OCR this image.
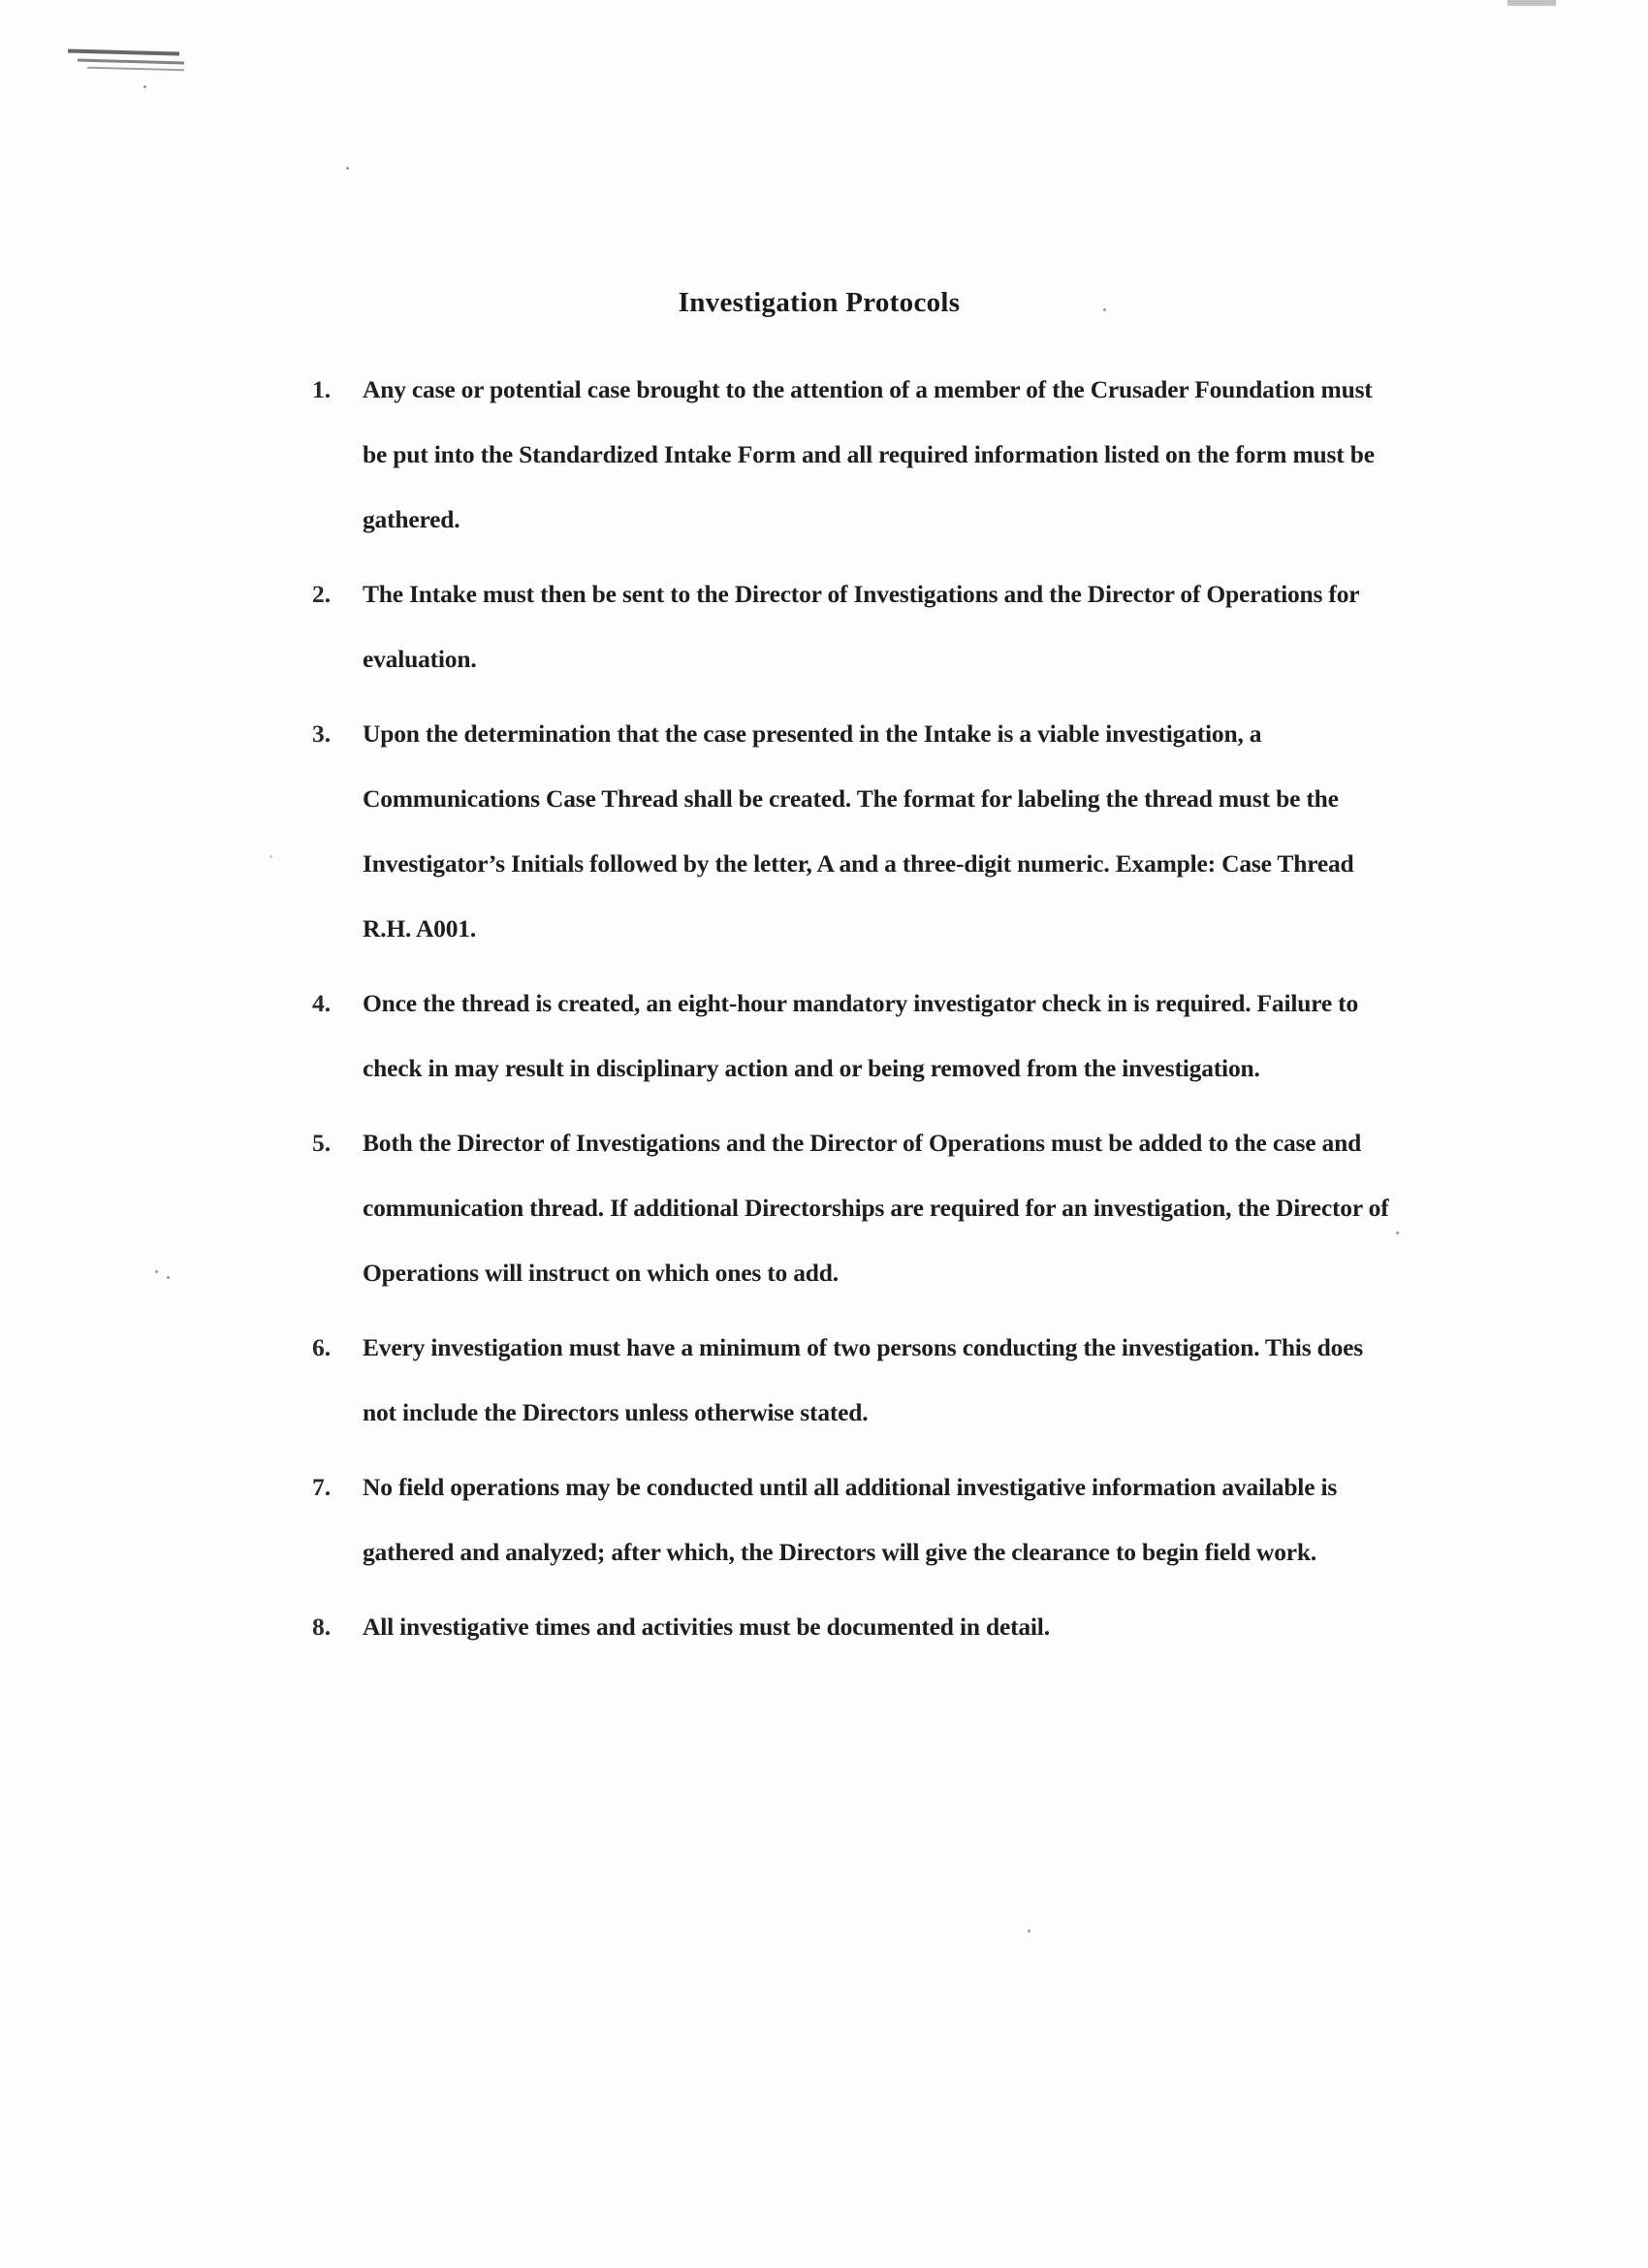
Investigation Protocols
1.	Any case or potential case brought to the attention of a member of the Crusader Foundation must be put into the Standardized Intake Form and all required information listed on the form must be gathered.
2.	The Intake must then be sent to the Director of Investigations and the Director of Operations for evaluation.
3.	Upon the determination that the case presented in the Intake is a viable investigation, a Communications Case Thread shall be created. The format for labeling the thread must be the Investigator’s Initials followed by the letter, A and a three-digit numeric. Example: Case Thread R.H. A001.
4.	Once the thread is created, an eight-hour mandatory investigator check in is required. Failure to check in may result in disciplinary action and or being removed from the investigation.
5.	Both the Director of Investigations and the Director of Operations must be added to the case and communication thread. If additional Directorships are required for an investigation, the Director of Operations will instruct on which ones to add.
6.	Every investigation must have a minimum of two persons conducting the investigation. This does not include the Directors unless otherwise stated.
7.	No field operations may be conducted until all additional investigative information available is gathered and analyzed; after which, the Directors will give the clearance to begin field work.
8.	All investigative times and activities must be documented in detail.
